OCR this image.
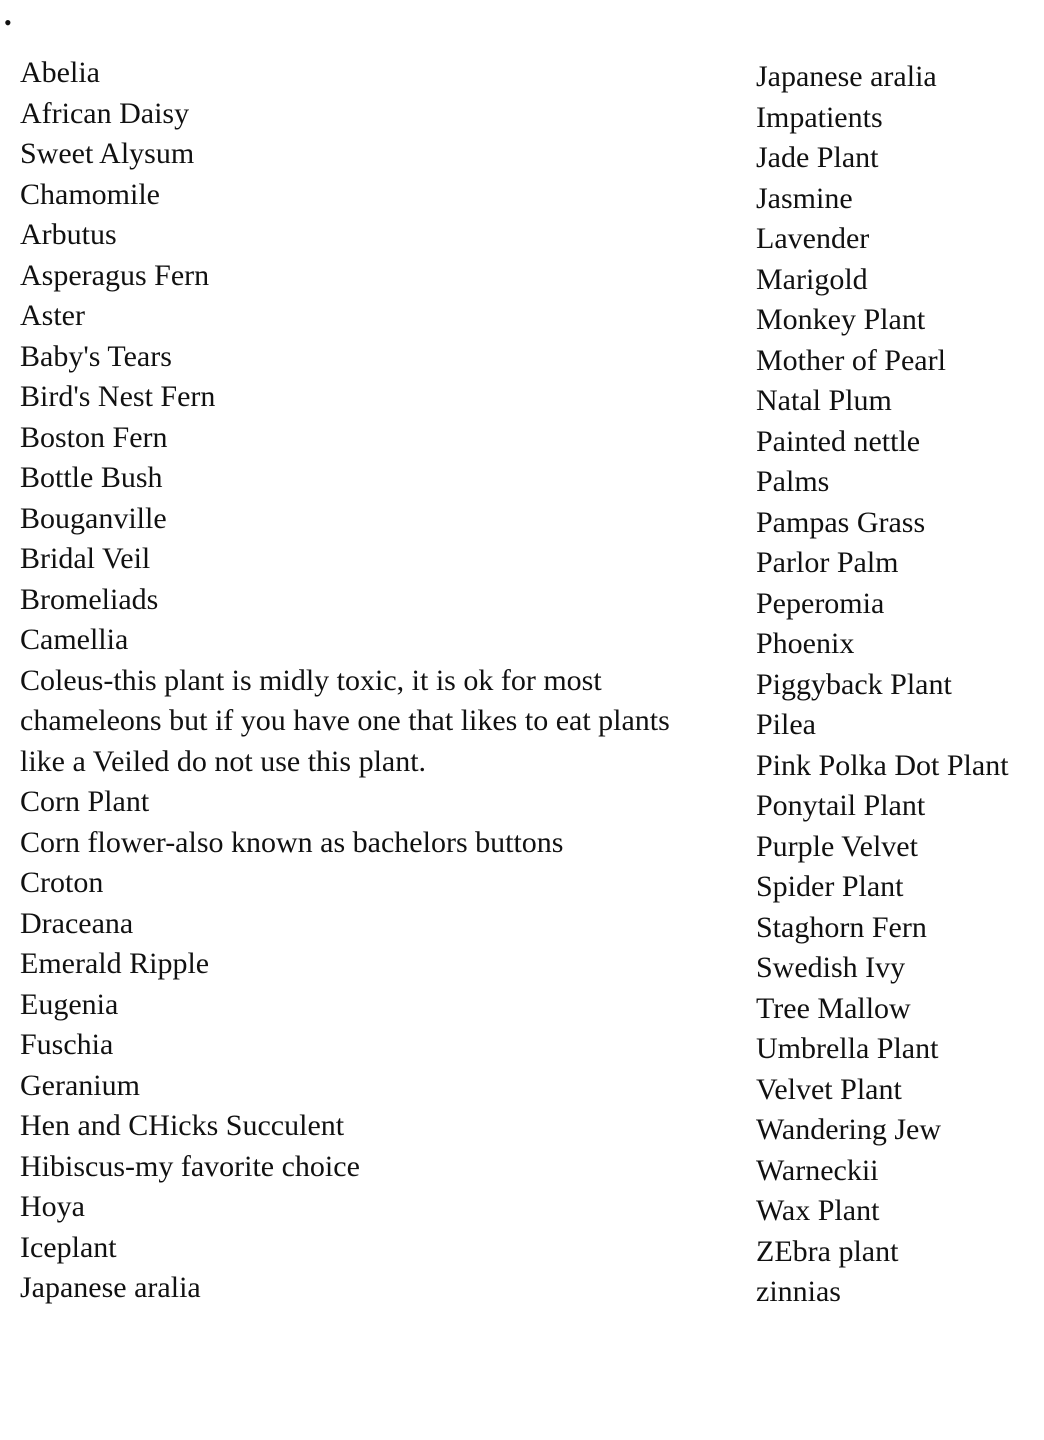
•
Abelia
African Daisy
Sweet Alysum
Chamomile
Arbutus
Asperagus Fern
Aster
Baby's Tears
Bird's Nest Fern
Boston Fern
Bottle Bush
Bouganville
Bridal Veil
Bromeliads
Camellia
Coleus-this plant is midly toxic, it is ok for most chameleons but if you have one that likes to eat plants like a Veiled do not use this plant.
Corn Plant
Corn flower-also known as bachelors buttons
Croton
Draceana
Emerald Ripple
Eugenia
Fuschia
Geranium
Hen and CHicks Succulent
Hibiscus-my favorite choice
Hoya
Iceplant
Japanese aralia
Japanese aralia
Impatients
Jade Plant
Jasmine
Lavender
Marigold
Monkey Plant
Mother of Pearl
Natal Plum
Painted nettle
Palms
Pampas Grass
Parlor Palm
Peperomia
Phoenix
Piggyback Plant
Pilea
Pink Polka Dot Plant
Ponytail Plant
Purple Velvet
Spider Plant
Staghorn Fern
Swedish Ivy
Tree Mallow
Umbrella Plant
Velvet Plant
Wandering Jew
Warneckii
Wax Plant
ZEbra plant
zinnias
